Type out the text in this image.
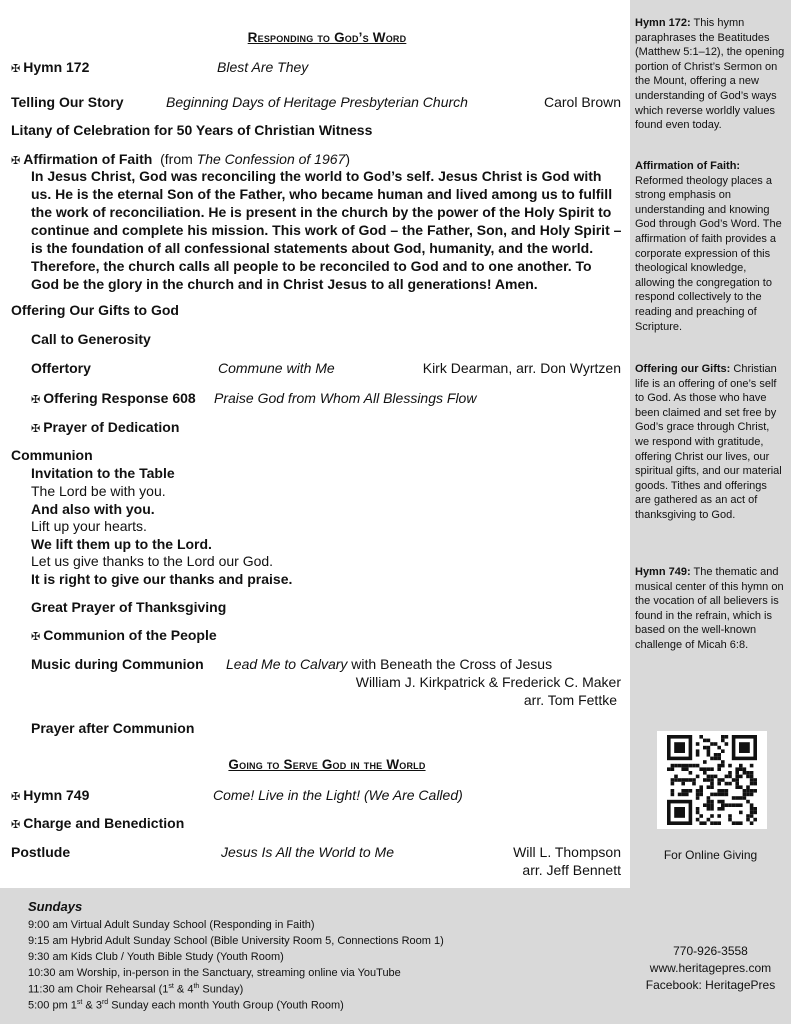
Responding to God’s Word
✠ Hymn 172	Blest Are They
Telling Our Story	Beginning Days of Heritage Presbyterian Church	Carol Brown
Litany of Celebration for 50 Years of Christian Witness
✠ Affirmation of Faith (from The Confession of 1967)

In Jesus Christ, God was reconciling the world to God’s self. Jesus Christ is God with us. He is the eternal Son of the Father, who became human and lived among us to fulfill the work of reconciliation. He is present in the church by the power of the Holy Spirit to continue and complete his mission. This work of God – the Father, Son, and Holy Spirit – is the foundation of all confessional statements about God, humanity, and the world. Therefore, the church calls all people to be reconciled to God and to one another. To God be the glory in the church and in Christ Jesus to all generations! Amen.

Offering Our Gifts to God
Call to Generosity
Offertory	Commune with Me	Kirk Dearman, arr. Don Wyrtzen
✠ Offering Response 608 Praise God from Whom All Blessings Flow
✠ Prayer of Dedication
Communion
Invitation to the Table
The Lord be with you.
And also with you.
Lift up your hearts.
We lift them up to the Lord.
Let us give thanks to the Lord our God.
It is right to give our thanks and praise.
Great Prayer of Thanksgiving
✠ Communion of the People
Music during Communion Lead Me to Calvary with Beneath the Cross of Jesus
William J. Kirkpatrick & Frederick C. Maker
arr. Tom Fettke
Prayer after Communion
Going to Serve God in the World
✠ Hymn 749	Come! Live in the Light! (We Are Called)
✠ Charge and Benediction
Postlude	Jesus Is All the World to Me	Will L. Thompson
arr. Jeff Bennett

Hymn 172: This hymn paraphrases the Beatitudes (Matthew 5:1–12), the opening portion of Christ’s Sermon on the Mount, offering a new understanding of God’s ways which reverse worldly values found even today.

Affirmation of Faith: Reformed theology places a strong emphasis on understanding and knowing God through God’s Word. The affirmation of faith provides a corporate expression of this theological knowledge, allowing the congregation to respond collectively to the reading and preaching of Scripture.

Offering our Gifts: Christian life is an offering of one’s self to God. As those who have been claimed and set free by God’s grace through Christ, we respond with gratitude, offering Christ our lives, our spiritual gifts, and our material goods. Tithes and offerings are gathered as an act of thanksgiving to God.

Hymn 749: The thematic and musical center of this hymn on the vocation of all believers is found in the refrain, which is based on the well-known challenge of Micah 6:8.

For Online Giving
Sundays
9:00 am Virtual Adult Sunday School (Responding in Faith)
9:15 am Hybrid Adult Sunday School (Bible University Room 5, Connections Room 1)
9:30 am Kids Club / Youth Bible Study (Youth Room)
10:30 am Worship, in-person in the Sanctuary, streaming online via YouTube
11:30 am Choir Rehearsal (1st & 4th Sunday)
5:00 pm 1st & 3rd Sunday each month Youth Group (Youth Room)
770-926-3558
www.heritagepres.com
Facebook: HeritagePres
